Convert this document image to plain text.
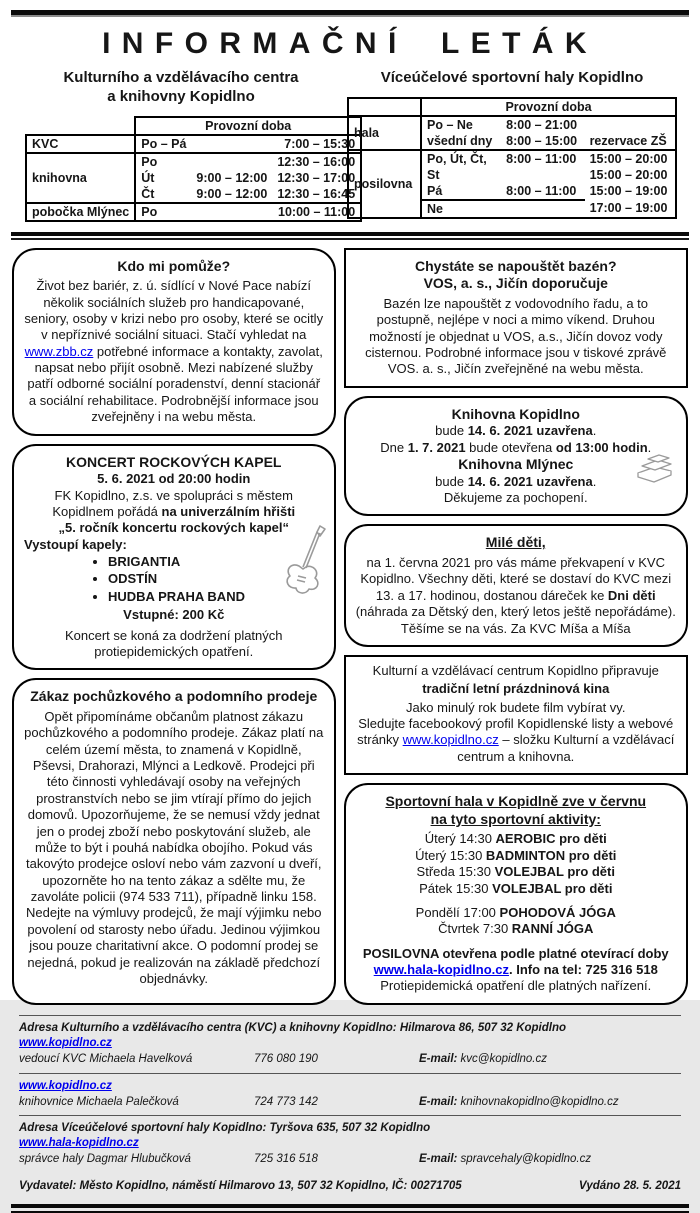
INFORMAČNÍ LETÁK
Kulturního a vzdělávacího centra
a knihovny Kopidlno
	Provozní doba		
KVC	Po – Pá		7:00 – 15:30
knihovna	Po		12:30 – 16:00
	Út	9:00 – 12:00	12:30 – 17:00
	Čt	9:00 – 12:00	12:30 – 16:45
pobočka Mlýnec	Po		10:00 – 11:00
Víceúčelové sportovní haly Kopidlno
	Provozní doba		
hala	Po – Ne	8:00 – 21:00	
	všední dny	8:00 – 15:00	rezervace ZŠ
posilovna	Po, Út, Čt,	8:00 – 11:00	15:00 – 20:00
	St		15:00 – 20:00
	Pá	8:00 – 11:00	15:00 – 19:00
	Ne		17:00 – 19:00
Kdo mi pomůže?
Život bez bariér, z. ú. sídlící v Nové Pace nabízí několik sociálních služeb pro handicapované, seniory, osoby v krizi nebo pro osoby, které se ocitly v nepříznivé sociální situaci. Stačí vyhledat na www.zbb.cz potřebné informace a kontakty, zavolat, napsat nebo přijít osobně. Mezi nabízené služby patří odborné sociální poradenství, denní stacionář a sociální rehabilitace. Podrobnější informace jsou zveřejněny i na webu města.
KONCERT ROCKOVÝCH KAPEL
5. 6. 2021 od 20:00 hodin
FK Kopidlno, z.s. ve spolupráci s městem Kopidlnem pořádá na univerzálním hřišti
„5. ročník koncertu rockových kapel“
Vystoupí kapely:
• BRIGANTIA
• ODSTÍN
• HUDBA PRAHA BAND
Vstupné: 200 Kč
Koncert se koná za dodržení platných protiepidemických opatření.
Zákaz pochůzkového a podomního prodeje
Opět připomínáme občanům platnost zákazu pochůzkového a podomního prodeje. Zákaz platí na celém území města, to znamená v Kopidlně, Pševsi, Drahorazi, Mlýnci a Ledkově. Prodejci při této činnosti vyhledávají osoby na veřejných prostranstvích nebo se jim vtírají přímo do jejich domovů. Upozorňujeme, že se nemusí vždy jednat jen o prodej zboží nebo poskytování služeb, ale může to být i pouhá nabídka obojího. Pokud vás takovýto prodejce osloví nebo vám zazvoní u dveří, upozorněte ho na tento zákaz a sdělte mu, že zavoláte policii (974 533 711), případně linku 158. Nedejte na výmluvy prodejců, že mají výjimku nebo povolení od starosty nebo úřadu. Jedinou výjimkou jsou pouze charitativní akce. O podomní prodej se nejedná, pokud je realizován na základě předchozí objednávky.
Chystáte se napouštět bazén?
VOS, a. s., Jičín doporučuje
Bazén lze napouštět z vodovodního řadu, a to postupně, nejlépe v noci a mimo víkend. Druhou možností je objednat u VOS, a.s., Jičín dovoz vody cisternou. Podrobné informace jsou v tiskové zprávě VOS. a. s., Jičín zveřejněné na webu města.
Knihovna Kopidlno
bude 14. 6. 2021 uzavřena.
Dne 1. 7. 2021 bude otevřena od 13:00 hodin.
Knihovna Mlýnec
bude 14. 6. 2021 uzavřena.
Děkujeme za pochopení.
Milé děti,
na 1. června 2021 pro vás máme překvapení v KVC Kopidlno. Všechny děti, které se dostaví do KVC mezi 13. a 17. hodinou, dostanou dáreček ke Dni děti (náhrada za Dětský den, který letos ještě nepořádáme). Těšíme se na vás. Za KVC Míša a Míša
Kulturní a vzdělávací centrum Kopidlno připravuje
tradiční letní prázdninová kina
Jako minulý rok budete film vybírat vy.
Sledujte facebookový profil Kopidlenské listy a webové stránky www.kopidlno.cz – složku Kulturní a vzdělávací centrum a knihovna.
Sportovní hala v Kopidlně zve v červnu
na tyto sportovní aktivity:
Úterý 14:30 AEROBIC pro děti
Úterý 15:30 BADMINTON pro děti
Středa 15:30 VOLEJBAL pro děti
Pátek 15:30 VOLEJBAL pro děti
Pondělí 17:00 POHODOVÁ JÓGA
Čtvrtek 7:30 RANNÍ JÓGA
POSILOVNA otevřena podle platné otevírací doby
www.hala-kopidlno.cz. Info na tel: 725 316 518
Protiepidemická opatření dle platných nařízení.
Adresa Kulturního a vzdělávacího centra (KVC) a knihovny Kopidlno: Hilmarova 86, 507 32 Kopidlno
www.kopidlno.cz
vedoucí KVC Michaela Havelková	776 080 190	E-mail: kvc@kopidlno.cz
www.kopidlno.cz
knihovnice Michaela Palečková	724 773 142	E-mail: knihovnakopidlno@kopidlno.cz
Adresa Víceúčelové sportovní haly Kopidlno: Tyršova 635, 507 32 Kopidlno
www.hala-kopidlno.cz
správce haly Dagmar Hlubučková	725 316 518	E-mail: spravcehaly@kopidlno.cz
Vydavatel: Město Kopidlno, náměstí Hilmarovo 13, 507 32 Kopidlno, IČ: 00271705	Vydáno 28. 5. 2021
